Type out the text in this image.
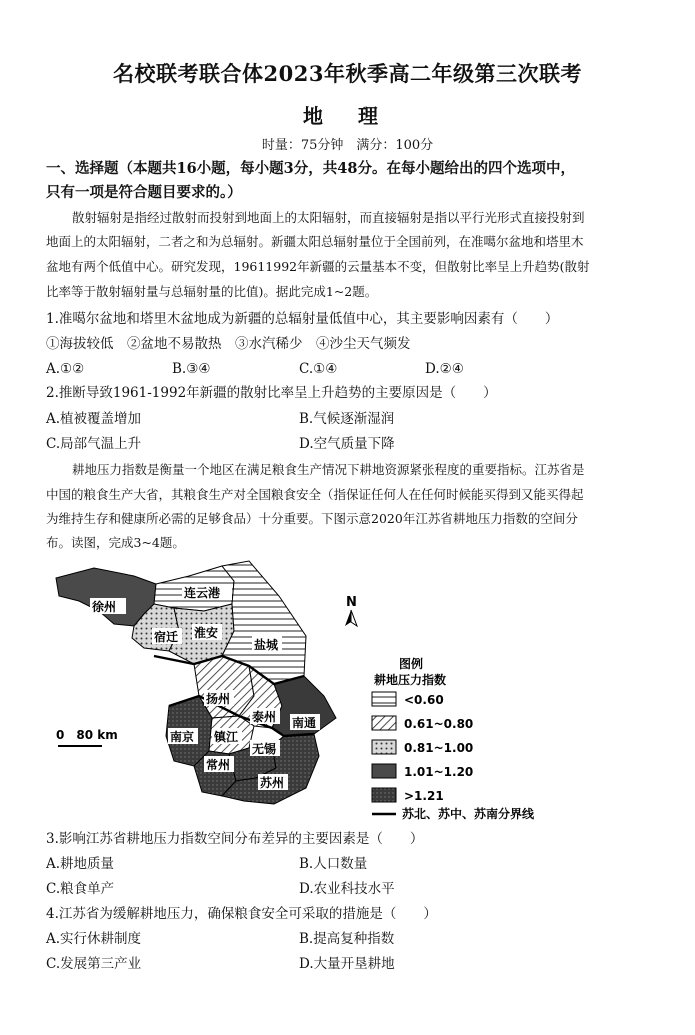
名校联考联合体2023年秋季高二年级第三次联考
地 理
时量：75分钟　满分：100分
一、选择题（本题共16小题，每小题3分，共48分。在每小题给出的四个选项中，
只有一项是符合题目要求的。）
散射辐射是指经过散射而投射到地面上的太阳辐射，而直接辐射是指以平行光形式直接投射到
地面上的太阳辐射，二者之和为总辐射。新疆太阳总辐射量位于全国前列，在准噶尔盆地和塔里木
盆地有两个低值中心。研究发现，19611992年新疆的云量基本不变，但散射比率呈上升趋势(散射
比率等于散射辐射量与总辐射量的比值)。据此完成1~2题。
1.准噶尔盆地和塔里木盆地成为新疆的总辐射量低值中心，其主要影响因素有（　　）
①海拔较低　②盆地不易散热　③水汽稀少　④沙尘天气频发
A.①②	B.③④	C.①④	D.②④
2.推断导致1961-1992年新疆的散射比率呈上升趋势的主要原因是（　　）
A.植被覆盖增加	B.气候逐渐湿润
C.局部气温上升	D.空气质量下降
耕地压力指数是衡量一个地区在满足粮食生产情况下耕地资源紧张程度的重要指标。江苏省是
中国的粮食生产大省，其粮食生产对全国粮食安全（指保证任何人在任何时候能买得到又能买得起
为维持生存和健康所必需的足够食品）十分重要。下图示意2020年江苏省耕地压力指数的空间分
布。读图，完成3~4题。
徐州
连云港
宿迁 淮安
盐城
扬州
泰州 南通
南京 镇江
常州
无锡
苏州
N
0　80 km
图例
耕地压力指数
<0.60
0.61~0.80
0.81~1.00
1.01~1.20
>1.21
苏北、苏中、苏南分界线
3.影响江苏省耕地压力指数空间分布差异的主要因素是（　　）
A.耕地质量	B.人口数量
C.粮食单产	D.农业科技水平
4.江苏省为缓解耕地压力，确保粮食安全可采取的措施是（　　）
A.实行休耕制度	B.提高复种指数
C.发展第三产业	D.大量开垦耕地
